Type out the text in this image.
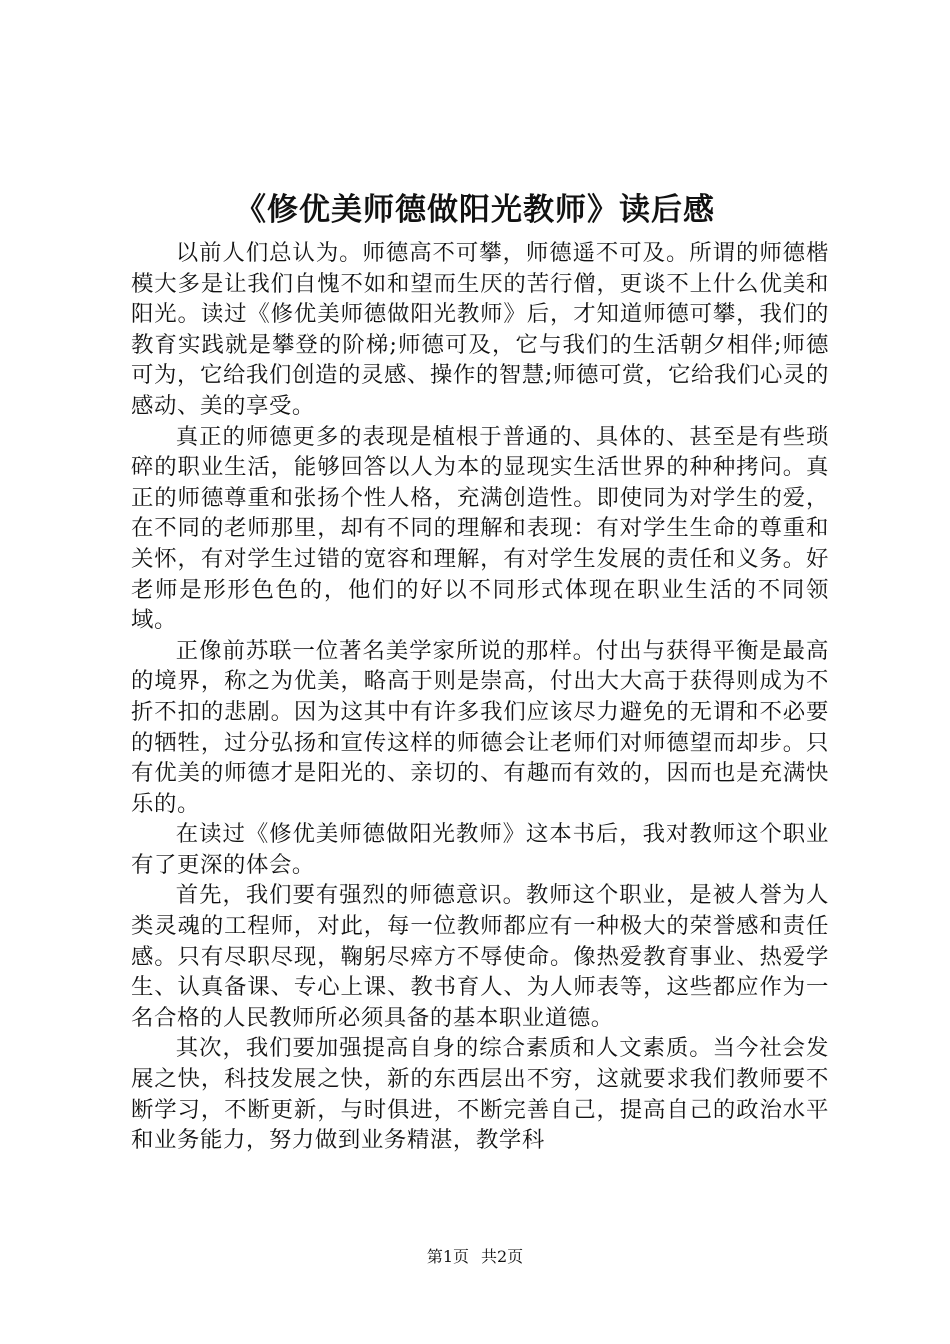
《修优美师德做阳光教师》读后感

以前人们总认为。师德高不可攀，师德遥不可及。所谓的师德楷模大多是让我们自愧不如和望而生厌的苦行僧，更谈不上什么优美和阳光。读过《修优美师德做阳光教师》后，才知道师德可攀，我们的教育实践就是攀登的阶梯;师德可及，它与我们的生活朝夕相伴;师德可为，它给我们创造的灵感、操作的智慧;师德可赏，它给我们心灵的感动、美的享受。

真正的师德更多的表现是植根于普通的、具体的、甚至是有些琐碎的职业生活，能够回答以人为本的显现实生活世界的种种拷问。真正的师德尊重和张扬个性人格，充满创造性。即使同为对学生的爱，在不同的老师那里，却有不同的理解和表现：有对学生生命的尊重和关怀，有对学生过错的宽容和理解，有对学生发展的责任和义务。好老师是形形色色的，他们的好以不同形式体现在职业生活的不同领域。

正像前苏联一位著名美学家所说的那样。付出与获得平衡是最高的境界，称之为优美，略高于则是崇高，付出大大高于获得则成为不折不扣的悲剧。因为这其中有许多我们应该尽力避免的无谓和不必要的牺牲，过分弘扬和宣传这样的师德会让老师们对师德望而却步。只有优美的师德才是阳光的、亲切的、有趣而有效的，因而也是充满快乐的。

在读过《修优美师德做阳光教师》这本书后，我对教师这个职业有了更深的体会。

首先，我们要有强烈的师德意识。教师这个职业，是被人誉为人类灵魂的工程师，对此，每一位教师都应有一种极大的荣誉感和责任感。只有尽职尽现，鞠躬尽瘁方不辱使命。像热爱教育事业、热爱学生、认真备课、专心上课、教书育人、为人师表等，这些都应作为一名合格的人民教师所必须具备的基本职业道德。

其次，我们要加强提高自身的综合素质和人文素质。当今社会发展之快，科技发展之快，新的东西层出不穷，这就要求我们教师要不断学习，不断更新，与时俱进，不断完善自己，提高自己的政治水平和业务能力，努力做到业务精湛，教学科

第1页 共2页
